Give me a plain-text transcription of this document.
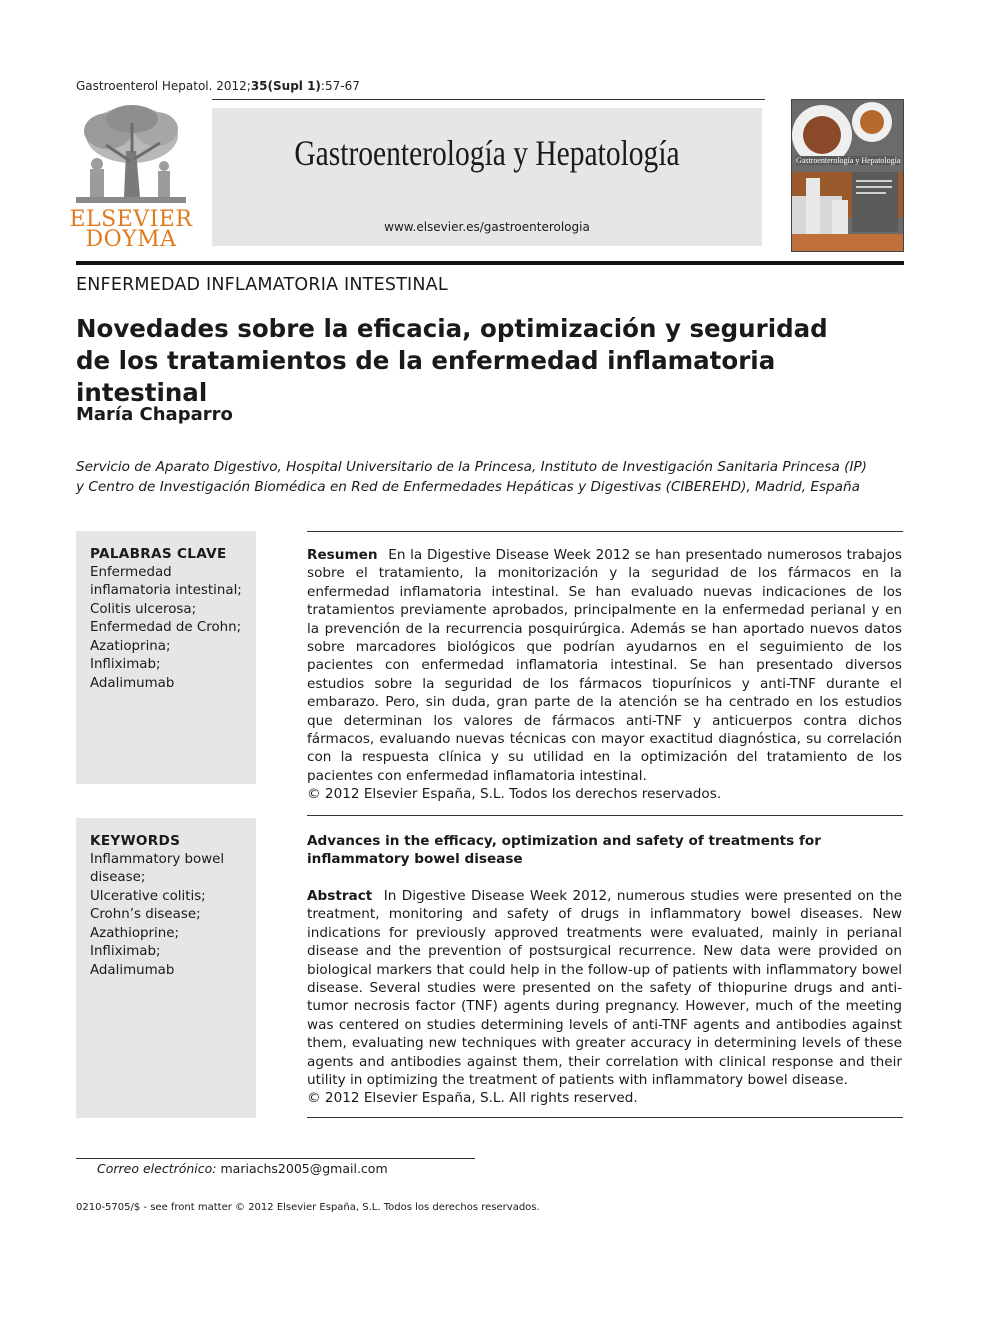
Gastroenterol Hepatol. 2012;35(Supl 1):57-67
ELSEVIER
DOYMA
Gastroenterología y Hepatología
www.elsevier.es/gastroenterologia
Gastroenterología y Hepatología
ENFERMEDAD INFLAMATORIA INTESTINAL
Novedades sobre la eficacia, optimización y seguridad
de los tratamientos de la enfermedad inflamatoria intestinal
María Chaparro
Servicio de Aparato Digestivo, Hospital Universitario de la Princesa, Instituto de Investigación Sanitaria Princesa (IP)
y Centro de Investigación Biomédica en Red de Enfermedades Hepáticas y Digestivas (CIBEREHD), Madrid, España
PALABRAS CLAVE
Enfermedad
inflamatoria intestinal;
Colitis ulcerosa;
Enfermedad de Crohn;
Azatioprina;
Infliximab;
Adalimumab
Resumen En la Digestive Disease Week 2012 se han presentado numerosos trabajos sobre el tratamiento, la monitorización y la seguridad de los fármacos en la enfermedad inflamatoria intestinal. Se han evaluado nuevas indicaciones de los tratamientos previamente aprobados, principalmente en la enfermedad perianal y en la prevención de la recurrencia posquirúrgica. Además se han aportado nuevos datos sobre marcadores biológicos que podrían ayudarnos en el seguimiento de los pacientes con enfermedad inflamatoria intestinal. Se han presentado diversos estudios sobre la seguridad de los fármacos tiopurínicos y anti-TNF durante el embarazo. Pero, sin duda, gran parte de la atención se ha centrado en los estudios que determinan los valores de fármacos anti-TNF y anticuerpos contra dichos fármacos, evaluando nuevas técnicas con mayor exactitud diagnóstica, su correlación con la respuesta clínica y su utilidad en la optimización del tratamiento de los pacientes con enfermedad inflamatoria intestinal.
© 2012 Elsevier España, S.L. Todos los derechos reservados.
KEYWORDS
Inflammatory bowel
disease;
Ulcerative colitis;
Crohn’s disease;
Azathioprine;
Infliximab;
Adalimumab
Advances in the efficacy, optimization and safety of treatments for inflammatory bowel disease
Abstract In Digestive Disease Week 2012, numerous studies were presented on the treatment, monitoring and safety of drugs in inflammatory bowel diseases. New indications for previously approved treatments were evaluated, mainly in perianal disease and the prevention of postsurgical recurrence. New data were provided on biological markers that could help in the follow-up of patients with inflammatory bowel disease. Several studies were presented on the safety of thiopurine drugs and anti-tumor necrosis factor (TNF) agents during pregnancy. However, much of the meeting was centered on studies determining levels of anti-TNF agents and antibodies against them, evaluating new techniques with greater accuracy in determining levels of these agents and antibodies against them, their correlation with clinical response and their utility in optimizing the treatment of patients with inflammatory bowel disease.
© 2012 Elsevier España, S.L. All rights reserved.
Correo electrónico: mariachs2005@gmail.com
0210-5705/$ - see front matter © 2012 Elsevier España, S.L. Todos los derechos reservados.
